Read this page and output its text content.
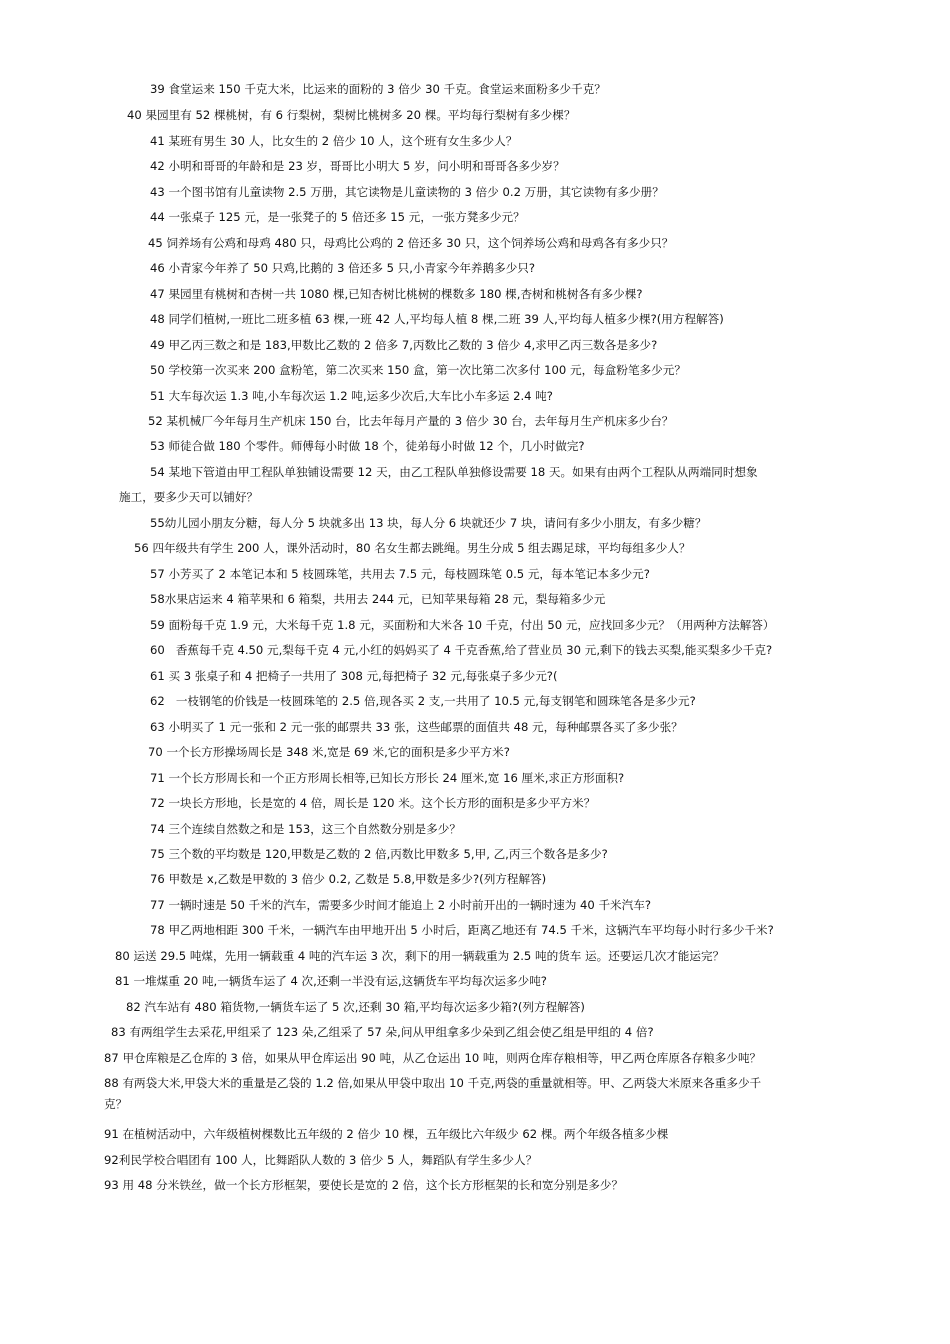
39 食堂运来 150 千克大米，比运来的面粉的 3 倍少 30 千克。食堂运来面粉多少千克？
40 果园里有 52 棵桃树，有 6 行梨树，梨树比桃树多 20 棵。平均每行梨树有多少棵？
41 某班有男生 30 人，比女生的 2 倍少 10 人，这个班有女生多少人？
42 小明和哥哥的年龄和是 23 岁，哥哥比小明大 5 岁，问小明和哥哥各多少岁？
43 一个图书馆有儿童读物 2.5 万册，其它读物是儿童读物的 3 倍少 0.2 万册，其它读物有多少册？
44 一张桌子 125 元，是一张凳子的 5 倍还多 15 元，一张方凳多少元？
45 饲养场有公鸡和母鸡 480 只，母鸡比公鸡的 2 倍还多 30 只，这个饲养场公鸡和母鸡各有多少只？
46 小青家今年养了 50 只鸡,比鹅的 3 倍还多 5 只,小青家今年养鹅多少只?
47 果园里有桃树和杏树一共 1080 棵,已知杏树比桃树的棵数多 180 棵,杏树和桃树各有多少棵?
48 同学们植树,一班比二班多植 63 棵,一班 42 人,平均每人植 8 棵,二班 39 人,平均每人植多少棵?(用方程解答)
49 甲乙丙三数之和是 183,甲数比乙数的 2 倍多 7,丙数比乙数的 3 倍少 4,求甲乙丙三数各是多少?
50 学校第一次买来 200 盒粉笔，第二次买来 150 盒，第一次比第二次多付 100 元，每盒粉笔多少元？
51 大车每次运 1.3 吨,小车每次运 1.2 吨,运多少次后,大车比小车多运 2.4 吨?
52 某机械厂今年每月生产机床 150 台，比去年每月产量的 3 倍少 30 台，去年每月生产机床多少台？
53 师徒合做 180 个零件。师傅每小时做 18 个，徒弟每小时做 12 个，几小时做完?
54 某地下管道由甲工程队单独铺设需要 12 天，由乙工程队单独修设需要 18 天。如果有由两个工程队从两端同时想象
施工，要多少天可以铺好？
55幼儿园小朋友分糖，每人分 5 块就多出 13 块，每人分 6 块就还少 7 块，请问有多少小朋友，有多少糖？
56 四年级共有学生 200 人，课外活动时，80 名女生都去跳绳。男生分成 5 组去踢足球，平均每组多少人？
57 小芳买了 2 本笔记本和 5 枝圆珠笔，共用去 7.5 元，每枝圆珠笔 0.5 元，每本笔记本多少元?
58水果店运来 4 箱苹果和 6 箱梨，共用去 244 元，已知苹果每箱 28 元，梨每箱多少元
59 面粉每千克 1.9 元，大米每千克 1.8 元，买面粉和大米各 10 千克，付出 50 元，应找回多少元？（用两种方法解答）
60 香蕉每千克 4.50 元,梨每千克 4 元,小红的妈妈买了 4 千克香蕉,给了营业员 30 元,剩下的钱去买梨,能买梨多少千克?
61 买 3 张桌子和 4 把椅子一共用了 308 元,每把椅子 32 元,每张桌子多少元?(
62 一枝钢笔的价钱是一枝圆珠笔的 2.5 倍,现各买 2 支,一共用了 10.5 元,每支钢笔和圆珠笔各是多少元?
63 小明买了 1 元一张和 2 元一张的邮票共 33 张，这些邮票的面值共 48 元，每种邮票各买了多少张？
70 一个长方形操场周长是 348 米,宽是 69 米,它的面积是多少平方米?
71 一个长方形周长和一个正方形周长相等,已知长方形长 24 厘米,宽 16 厘米,求正方形面积?
72 一块长方形地，长是宽的 4 倍，周长是 120 米。这个长方形的面积是多少平方米？
74 三个连续自然数之和是 153，这三个自然数分别是多少？
75 三个数的平均数是 120,甲数是乙数的 2 倍,丙数比甲数多 5,甲, 乙,丙三个数各是多少?
76 甲数是 x,乙数是甲数的 3 倍少 0.2, 乙数是 5.8,甲数是多少?(列方程解答)
77 一辆时速是 50 千米的汽车，需要多少时间才能追上 2 小时前开出的一辆时速为 40 千米汽车?
78 甲乙两地相距 300 千米，一辆汽车由甲地开出 5 小时后，距离乙地还有 74.5 千米，这辆汽车平均每小时行多少千米?
80 运送 29.5 吨煤，先用一辆载重 4 吨的汽车运 3 次，剩下的用一辆载重为 2.5 吨的货车 运。还要运几次才能运完？
81 一堆煤重 20 吨,一辆货车运了 4 次,还剩一半没有运,这辆货车平均每次运多少吨?
82 汽车站有 480 箱货物,一辆货车运了 5 次,还剩 30 箱,平均每次运多少箱?(列方程解答)
83 有两组学生去采花,甲组采了 123 朵,乙组采了 57 朵,问从甲组拿多少朵到乙组会使乙组是甲组的 4 倍?
87 甲仓库粮是乙仓库的 3 倍，如果从甲仓库运出 90 吨，从乙仓运出 10 吨，则两仓库存粮相等，甲乙两仓库原各存粮多少吨？
88 有两袋大米,甲袋大米的重量是乙袋的 1.2 倍,如果从甲袋中取出 10 千克,两袋的重量就相等。甲、乙两袋大米原来各重多少千
克？
91 在植树活动中，六年级植树棵数比五年级的 2 倍少 10 棵，五年级比六年级少 62 棵。两个年级各植多少棵
92利民学校合唱团有 100 人，比舞蹈队人数的 3 倍少 5 人，舞蹈队有学生多少人？
93 用 48 分米铁丝，做一个长方形框架，要使长是宽的 2 倍，这个长方形框架的长和宽分别是多少？
